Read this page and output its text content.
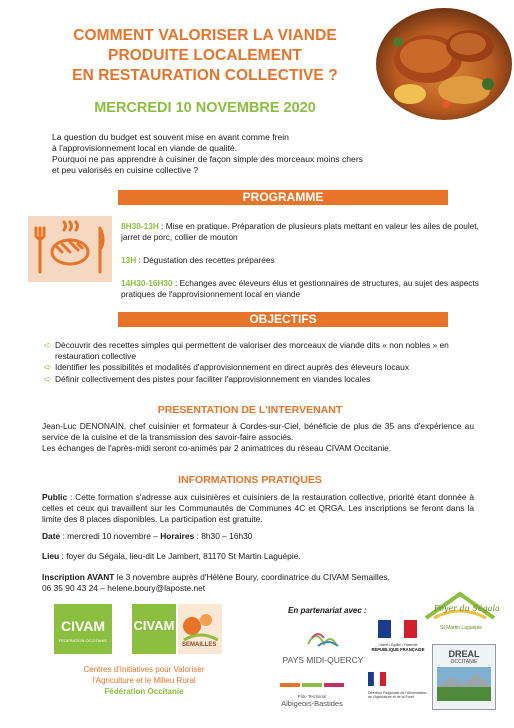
COMMENT VALORISER LA VIANDE
PRODUITE LOCALEMENT
EN RESTAURATION COLLECTIVE ?
MERCREDI 10 NOVEMBRE 2020
La question du budget est souvent mise en avant comme frein
à l'approvisionnement local en viande de qualité.
Pourquoi ne pas apprendre à cuisiner de façon simple des morceaux moins chers
et peu valorisés en cuisine collective ?
PROGRAMME
8H30-13H : Mise en pratique. Préparation de plusieurs plats mettant en valeur les ailes de poulet, jarret de porc, collier de mouton
13H : Dégustation des recettes préparées
14H30-16H30 : Echanges avec éleveurs élus et gestionnaires de structures, au sujet des aspects pratiques de l'approvisionnement local en viande
OBJECTIFS
➪ Découvrir des recettes simples qui permettent de valoriser des morceaux de viande dits « non nobles » en restauration collective
➪ Identifier les possibilités et modalités d'approvisionnement en direct auprès des éleveurs locaux
➪ Définir collectivement des pistes pour faciliter l'approvisionnement en viandes locales
PRESENTATION DE L'INTERVENANT
Jean-Luc DENONAIN, chef cuisinier et formateur à Cordes-sur-Ciel, bénéficie de plus de 35 ans d'expérience au service de la cuisine et de la transmission des savoir-faire associés.
Les échanges de l'après-midi seront co-animés par 2 animatrices du réseau CIVAM Occitanie.
INFORMATIONS PRATIQUES
Public : Cette formation s'adresse aux cuisinières et cuisiniers de la restauration collective, priorité étant donnée à celles et ceux qui travaillent sur les Communautés de Communes 4C et QRGA. Les inscriptions se feront dans la limite des 8 places disponibles. La participation est gratuite.
Date : mercredi 10 novembre – Horaires : 8h30 – 16h30
Lieu : foyer du Ségala, lieu-dit Le Jambert, 81170 St Martin Laguépie.
Inscription AVANT le 3 novembre auprès d'Hélène Boury, coordinatrice du CIVAM Semailles.
06 35 90 43 24 – helene.boury@laposte.net
CIVAM
FEDERATION OCCITANIE
CIVAM
SEMAILLES
Centres d'Initiatives pour Valoriser
l'Agriculture et le Milieu Rural
Fédération Occitanie
En partenariat avec :	Foyer du Ségala
St Martin Laguépie
PAYS MIDI-QUERCY
Liberté • Égalité • Fraternité
RÉPUBLIQUE FRANÇAISE	DREAL
OCCITANIE
Pôle Territorial
Albigeois-Bastides
Direction Régionale de l'Alimentation, de l'Agriculture et de la Forêt
